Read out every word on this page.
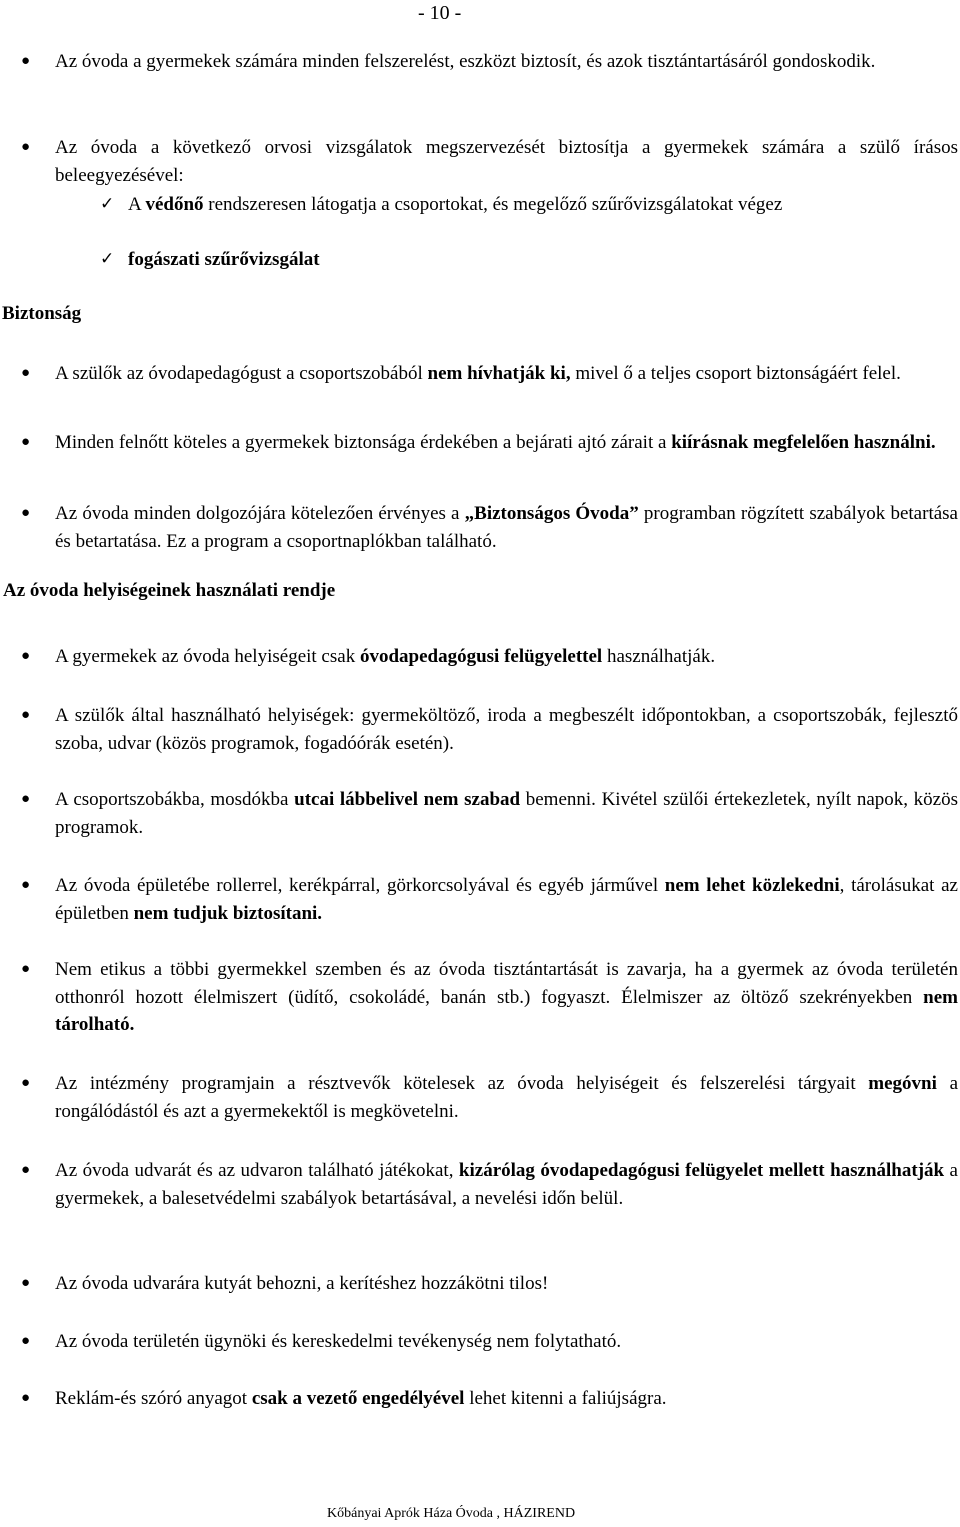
- 10 -
●	Az óvoda a gyermekek számára minden felszerelést, eszközt biztosít, és azok tisztántartásáról gondoskodik.
●	Az óvoda a következő orvosi vizsgálatok megszervezését biztosítja a gyermekek számára a szülő írásos beleegyezésével:
✓ A védőnő rendszeresen látogatja a csoportokat, és megelőző szűrővizsgálatokat végez
✓ fogászati szűrővizsgálat
Biztonság
●	A szülők az óvodapedagógust a csoportszobából nem hívhatják ki, mivel ő a teljes csoport biztonságáért felel.
●	Minden felnőtt köteles a gyermekek biztonsága érdekében a bejárati ajtó zárait a kiírásnak megfelelően használni.
●	Az óvoda minden dolgozójára kötelezően érvényes a „Biztonságos Óvoda” programban rögzített szabályok betartása és betartatása. Ez a program a csoportnaplókban található.
Az óvoda helyiségeinek használati rendje
●	A gyermekek az óvoda helyiségeit csak óvodapedagógusi felügyelettel használhatják.
●	A szülők által használható helyiségek: gyermeköltöző, iroda a megbeszélt időpontokban, a csoportszobák, fejlesztő szoba, udvar (közös programok, fogadóórák esetén).
●	A csoportszobákba, mosdókba utcai lábbelivel nem szabad bemenni. Kivétel szülői értekezletek, nyílt napok, közös programok.
●	Az óvoda épületébe rollerrel, kerékpárral, görkorcsolyával és egyéb járművel nem lehet közlekedni, tárolásukat az épületben nem tudjuk biztosítani.
●	Nem etikus a többi gyermekkel szemben és az óvoda tisztántartását is zavarja, ha a gyermek az óvoda területén otthonról hozott élelmiszert (üdítő, csokoládé, banán stb.) fogyaszt. Élelmiszer az öltöző szekrényekben nem tárolható.
●	Az intézmény programjain a résztvevők kötelesek az óvoda helyiségeit és felszerelési tárgyait megóvni a rongálódástól és azt a gyermekektől is megkövetelni.
●	Az óvoda udvarát és az udvaron található játékokat, kizárólag óvodapedagógusi felügyelet mellett használhatják a gyermekek, a balesetvédelmi szabályok betartásával, a nevelési időn belül.
●	Az óvoda udvarára kutyát behozni, a kerítéshez hozzákötni tilos!
●	Az óvoda területén ügynöki és kereskedelmi tevékenység nem folytatható.
●	Reklám-és szóró anyagot csak a vezető engedélyével lehet kitenni a faliújságra.
Kőbányai Aprók Háza Óvoda , HÁZIREND
